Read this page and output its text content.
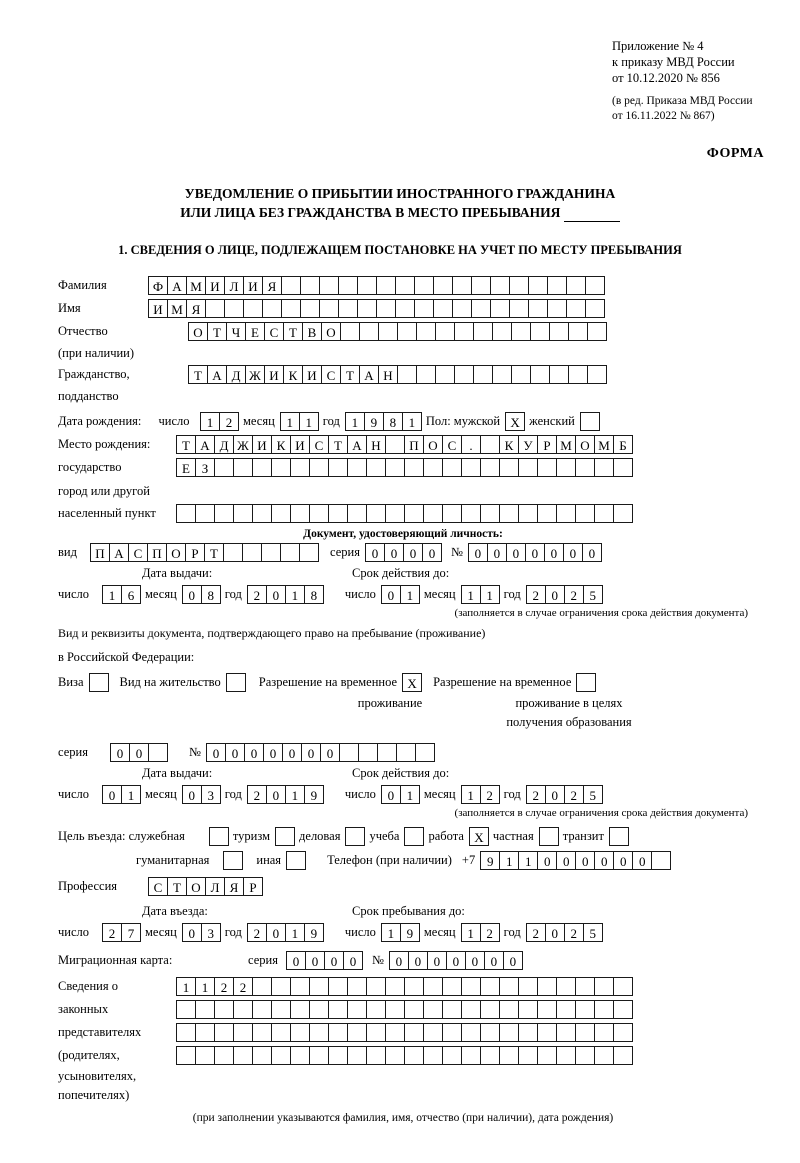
Приложение № 4
к приказу МВД России
от 10.12.2020 № 856
(в ред. Приказа МВД России
от 16.11.2022 № 867)
ФОРМА
УВЕДОМЛЕНИЕ О ПРИБЫТИИ ИНОСТРАННОГО ГРАЖДАНИНА
ИЛИ ЛИЦА БЕЗ ГРАЖДАНСТВА В МЕСТО ПРЕБЫВАНИЯ
1. СВЕДЕНИЯ О ЛИЦЕ, ПОДЛЕЖАЩЕМ ПОСТАНОВКЕ НА УЧЕТ ПО МЕСТУ ПРЕБЫВАНИЯ
Фамилия	Ф А М И Л И Я
Имя	И М Я
Отчество	О Т Ч Е С Т В О
(при наличии)
Гражданство,	Т А Д Ж И К И С Т А Н
подданство
Дата рождения:	число	1 2 месяц 1 1 год 1 9 8 1 Пол: мужской Х женский
Место рождения:	Т А Д Ж И К И С Т А Н	П О С	.	К У Р М О М Б
государство	Е З
город или другой
населенный пункт
Документ, удостоверяющий личность:
вид	П А С П О Р Т	серия 0 0 0 0	№ 0 0 0 0 0 0 0
Дата выдачи:	Срок действия до:
число	1 6 месяц 0 8 год 2 0 1 8	число 0 1 месяц 1 1 год 2 0 2 5
(заполняется в случае ограничения срока действия документа)
Вид и реквизиты документа, подтверждающего право на пребывание (проживание)
в Российской Федерации:
Виза	Вид на жительство	Разрешение на временное Х	Разрешение на временное
проживание	проживание в целях
получения образования
серия	0 0	№ 0 0 0 0 0 0 0
Дата выдачи:	Срок действия до:
число	0 1 месяц 0 3 год 2 0 1 9	число 0 1 месяц 1 2 год 2 0 2 5
(заполняется в случае ограничения срока действия документа)
Цель въезда: служебная	туризм деловая учеба работа Х частная транзит
гуманитарная	иная	Телефон (при наличии) +7 9 1 1 0 0 0 0 0 0
Профессия	С Т О Л Я Р
Дата въезда:	Срок пребывания до:
число	2 7 месяц 0 3 год 2 0 1 9	число 1 9 месяц 1 2 год 2 0 2 5
Миграционная карта:	серия	0 0 0 0	№ 0 0 0 0 0 0 0
Сведения о	1 1 2 2
законных
представителях
(родителях,
усыновителях,
попечителях)
(при заполнении указываются фамилия, имя, отчество (при наличии), дата рождения)
